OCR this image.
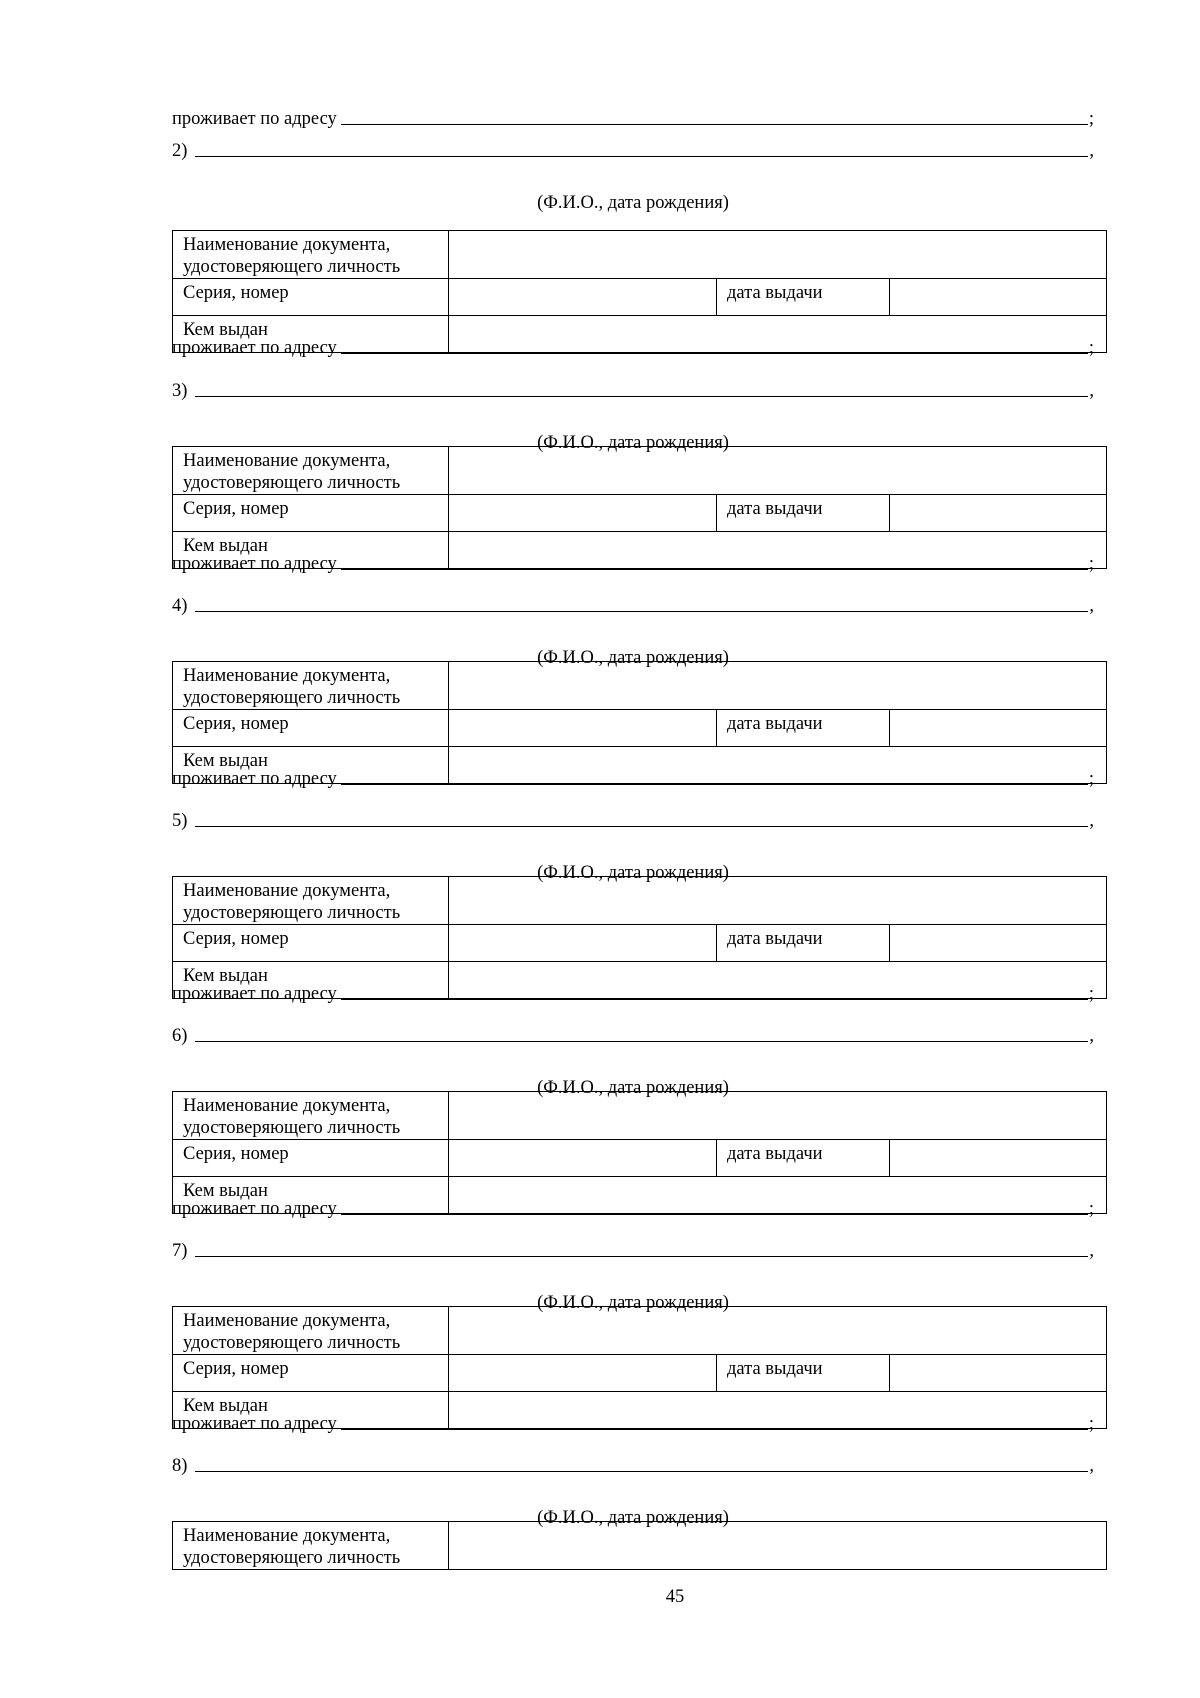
проживает по адресу	;
2)	,
(Ф.И.О., дата рождения)
Наименование документа,
удостоверяющего личность			

Серия, номер		дата выдачи	
Кем выдан			
проживает по адресу	;
3)	,
(Ф.И.О., дата рождения)
Наименование документа,
удостоверяющего личность			

Серия, номер		дата выдачи	
Кем выдан			
проживает по адресу	;
4)	,
(Ф.И.О., дата рождения)
Наименование документа,
удостоверяющего личность			

Серия, номер		дата выдачи	
Кем выдан			
проживает по адресу	;
5)	,
(Ф.И.О., дата рождения)
Наименование документа,
удостоверяющего личность			

Серия, номер		дата выдачи	
Кем выдан			
проживает по адресу	;
6)	,
(Ф.И.О., дата рождения)
Наименование документа,
удостоверяющего личность			

Серия, номер		дата выдачи	
Кем выдан			
проживает по адресу	;
7)	,
(Ф.И.О., дата рождения)
Наименование документа,
удостоверяющего личность			

Серия, номер		дата выдачи	
Кем выдан			
проживает по адресу	;
8)	,
(Ф.И.О., дата рождения)
Наименование документа,
удостоверяющего личность

45
